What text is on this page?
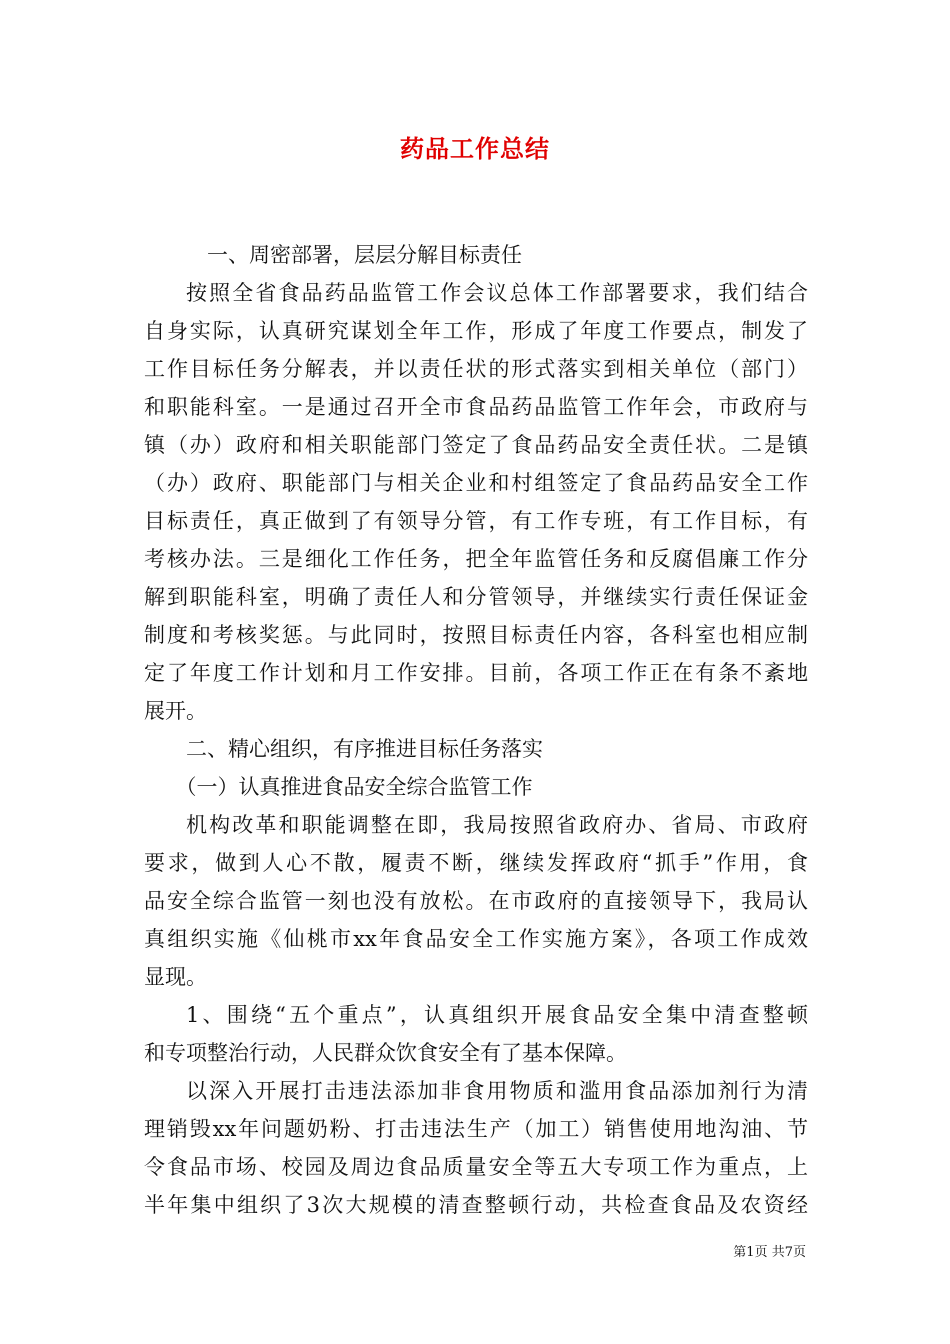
药品工作总结
一、周密部署，层层分解目标责任
按照全省食品药品监管工作会议总体工作部署要求，我们结合
自身实际，认真研究谋划全年工作，形成了年度工作要点，制发了
工作目标任务分解表，并以责任状的形式落实到相关单位（部门）
和职能科室。一是通过召开全市食品药品监管工作年会，市政府与
镇（办）政府和相关职能部门签定了食品药品安全责任状。二是镇
（办）政府、职能部门与相关企业和村组签定了食品药品安全工作
目标责任，真正做到了有领导分管，有工作专班，有工作目标，有
考核办法。三是细化工作任务，把全年监管任务和反腐倡廉工作分
解到职能科室，明确了责任人和分管领导，并继续实行责任保证金
制度和考核奖惩。与此同时，按照目标责任内容，各科室也相应制
定了年度工作计划和月工作安排。目前，各项工作正在有条不紊地
展开。
二、精心组织，有序推进目标任务落实
（一）认真推进食品安全综合监管工作
机构改革和职能调整在即，我局按照省政府办、省局、市政府
要求，做到人心不散，履责不断，继续发挥政府“抓手”作用，食
品安全综合监管一刻也没有放松。在市政府的直接领导下，我局认
真组织实施《仙桃市xx年食品安全工作实施方案》，各项工作成效
显现。
1、围绕“五个重点”，认真组织开展食品安全集中清查整顿
和专项整治行动，人民群众饮食安全有了基本保障。
以深入开展打击违法添加非食用物质和滥用食品添加剂行为清
理销毁xx年问题奶粉、打击违法生产（加工）销售使用地沟油、节
令食品市场、校园及周边食品质量安全等五大专项工作为重点，上
半年集中组织了3次大规模的清查整顿行动，共检查食品及农资经
第1页 共7页
